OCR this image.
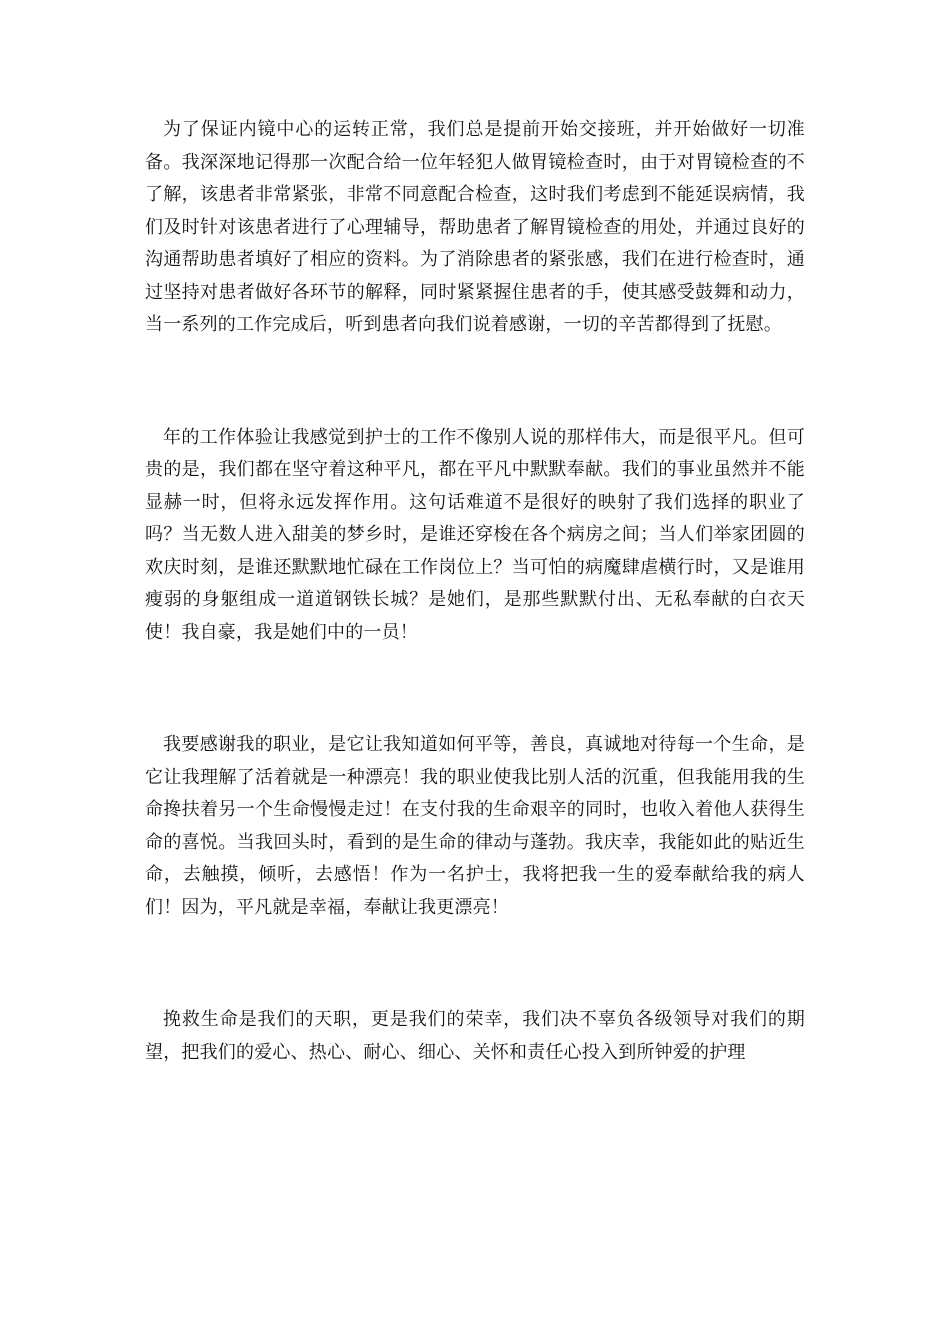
为了保证内镜中心的运转正常，我们总是提前开始交接班，并开始做好一切准备。我深深地记得那一次配合给一位年轻犯人做胃镜检查时，由于对胃镜检查的不了解，该患者非常紧张，非常不同意配合检查，这时我们考虑到不能延误病情，我们及时针对该患者进行了心理辅导，帮助患者了解胃镜检查的用处，并通过良好的沟通帮助患者填好了相应的资料。为了消除患者的紧张感，我们在进行检查时，通过坚持对患者做好各环节的解释，同时紧紧握住患者的手，使其感受鼓舞和动力，当一系列的工作完成后，听到患者向我们说着感谢，一切的辛苦都得到了抚慰。

年的工作体验让我感觉到护士的工作不像别人说的那样伟大，而是很平凡。但可贵的是，我们都在坚守着这种平凡，都在平凡中默默奉献。我们的事业虽然并不能显赫一时，但将永远发挥作用。这句话难道不是很好的映射了我们选择的职业了吗？当无数人进入甜美的梦乡时，是谁还穿梭在各个病房之间；当人们举家团圆的欢庆时刻，是谁还默默地忙碌在工作岗位上？当可怕的病魔肆虐横行时，又是谁用瘦弱的身躯组成一道道钢铁长城？是她们，是那些默默付出、无私奉献的白衣天使！我自豪，我是她们中的一员！

我要感谢我的职业，是它让我知道如何平等，善良，真诚地对待每一个生命，是它让我理解了活着就是一种漂亮！我的职业使我比别人活的沉重，但我能用我的生命搀扶着另一个生命慢慢走过！在支付我的生命艰辛的同时，也收入着他人获得生命的喜悦。当我回头时，看到的是生命的律动与蓬勃。我庆幸，我能如此的贴近生命，去触摸，倾听，去感悟！作为一名护士，我将把我一生的爱奉献给我的病人们！因为，平凡就是幸福，奉献让我更漂亮！

挽救生命是我们的天职，更是我们的荣幸，我们决不辜负各级领导对我们的期望，把我们的爱心、热心、耐心、细心、关怀和责任心投入到所钟爱的护理
